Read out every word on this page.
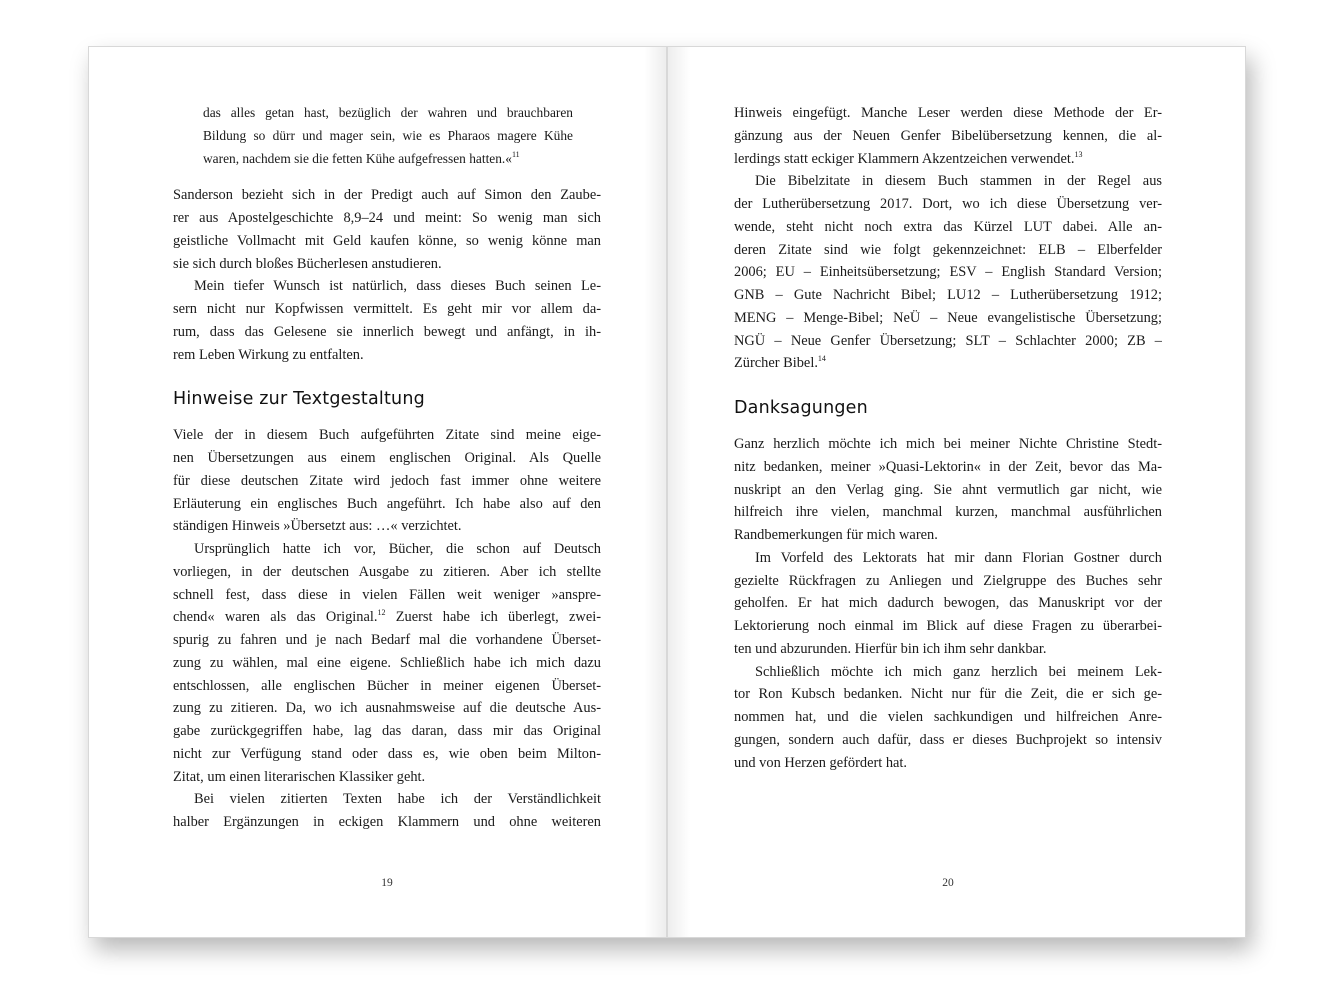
das alles getan hast, bezüglich der wahren und brauchbaren
Bildung so dürr und mager sein, wie es Pharaos magere Kühe
waren, nachdem sie die fetten Kühe aufgefressen hatten.«$^{11}$
Sanderson bezieht sich in der Predigt auch auf Simon den Zaube-
rer aus Apostelgeschichte 8,9–24 und meint: So wenig man sich
geistliche Vollmacht mit Geld kaufen könne, so wenig könne man
sie sich durch bloßes Bücherlesen anstudieren.
Mein tiefer Wunsch ist natürlich, dass dieses Buch seinen Le-
sern nicht nur Kopfwissen vermittelt. Es geht mir vor allem da-
rum, dass das Gelesene sie innerlich bewegt und anfängt, in ih-
rem Leben Wirkung zu entfalten.
Hinweise zur Textgestaltung
Viele der in diesem Buch aufgeführten Zitate sind meine eige-
nen Übersetzungen aus einem englischen Original. Als Quelle
für diese deutschen Zitate wird jedoch fast immer ohne weitere
Erläuterung ein englisches Buch angeführt. Ich habe also auf den
ständigen Hinweis »Übersetzt aus: …« verzichtet.
Ursprünglich hatte ich vor, Bücher, die schon auf Deutsch
vorliegen, in der deutschen Ausgabe zu zitieren. Aber ich stellte
schnell fest, dass diese in vielen Fällen weit weniger »anspre-
chend« waren als das Original.$^{12}$ Zuerst habe ich überlegt, zwei-
spurig zu fahren und je nach Bedarf mal die vorhandene Überset-
zung zu wählen, mal eine eigene. Schließlich habe ich mich dazu
entschlossen, alle englischen Bücher in meiner eigenen Überset-
zung zu zitieren. Da, wo ich ausnahmsweise auf die deutsche Aus-
gabe zurückgegriffen habe, lag das daran, dass mir das Original
nicht zur Verfügung stand oder dass es, wie oben beim Milton-
Zitat, um einen literarischen Klassiker geht.
Bei vielen zitierten Texten habe ich der Verständlichkeit
halber Ergänzungen in eckigen Klammern und ohne weiteren
19
Hinweis eingefügt. Manche Leser werden diese Methode der Er-
gänzung aus der Neuen Genfer Bibelübersetzung kennen, die al-
lerdings statt eckiger Klammern Akzentzeichen verwendet.$^{13}$
Die Bibelzitate in diesem Buch stammen in der Regel aus
der Lutherübersetzung 2017. Dort, wo ich diese Übersetzung ver-
wende, steht nicht noch extra das Kürzel LUT dabei. Alle an-
deren Zitate sind wie folgt gekennzeichnet: ELB – Elberfelder
2006; EU – Einheitsübersetzung; ESV – English Standard Version;
GNB – Gute Nachricht Bibel; LU12 – Lutherübersetzung 1912;
MENG – Menge-Bibel; NeÜ – Neue evangelistische Übersetzung;
NGÜ – Neue Genfer Übersetzung; SLT – Schlachter 2000; ZB –
Zürcher Bibel.$^{14}$
Danksagungen
Ganz herzlich möchte ich mich bei meiner Nichte Christine Stedt-
nitz bedanken, meiner »Quasi-Lektorin« in der Zeit, bevor das Ma-
nuskript an den Verlag ging. Sie ahnt vermutlich gar nicht, wie
hilfreich ihre vielen, manchmal kurzen, manchmal ausführlichen
Randbemerkungen für mich waren.
Im Vorfeld des Lektorats hat mir dann Florian Gostner durch
gezielte Rückfragen zu Anliegen und Zielgruppe des Buches sehr
geholfen. Er hat mich dadurch bewogen, das Manuskript vor der
Lektorierung noch einmal im Blick auf diese Fragen zu überarbei-
ten und abzurunden. Hierfür bin ich ihm sehr dankbar.
Schließlich möchte ich mich ganz herzlich bei meinem Lek-
tor Ron Kubsch bedanken. Nicht nur für die Zeit, die er sich ge-
nommen hat, und die vielen sachkundigen und hilfreichen Anre-
gungen, sondern auch dafür, dass er dieses Buchprojekt so intensiv
und von Herzen gefördert hat.
20
